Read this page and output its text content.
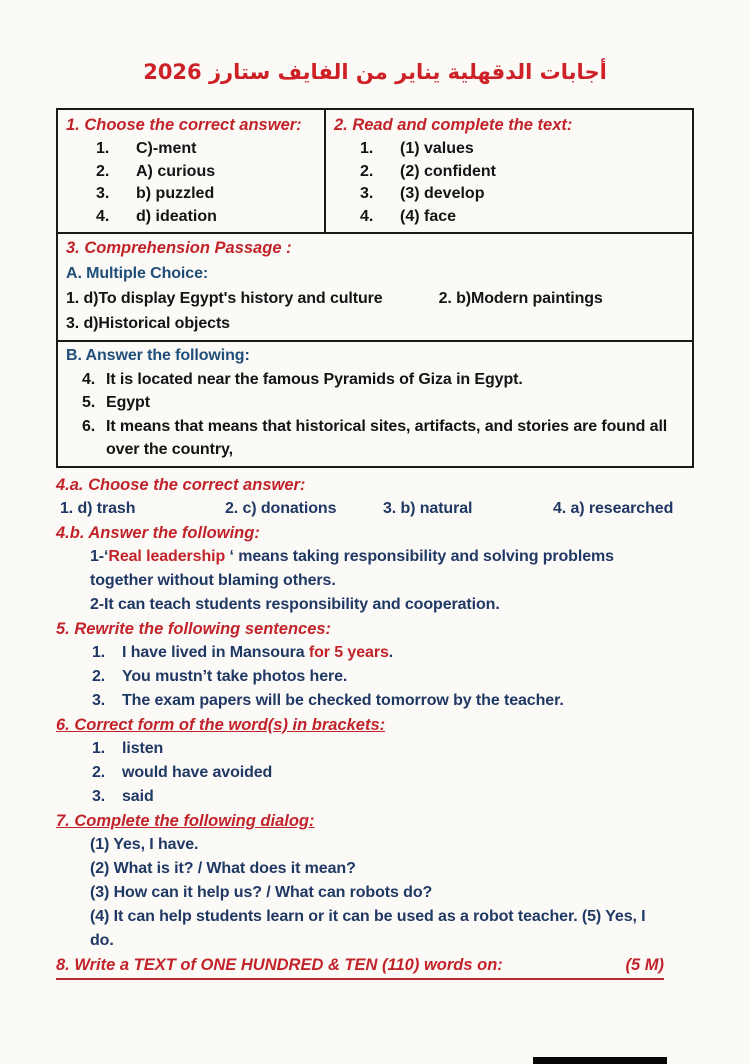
أجابات الدقهلية يناير من الفايف ستارز 2026
1. Choose the correct answer:
1.	C)-ment
2.	A) curious
3.	b) puzzled
4.	d) ideation
2. Read and complete the text:
1.	(1) values
2.	(2) confident
3.	(3) develop
4.	(4) face
3. Comprehension Passage :
A. Multiple Choice:
1. d)To display Egypt's history and culture	2. b)Modern paintings
3. d)Historical objects
B. Answer the following:
4. It is located near the famous Pyramids of Giza in Egypt.
5. Egypt
6. It means that means that historical sites, artifacts, and stories are found all over the country,
4.a. Choose the correct answer:
1. d) trash	2. c) donations	3. b) natural	4. a) researched
4.b. Answer the following:
1-‘Real leadership ‘ means taking responsibility and solving problems together without blaming others.
2-It can teach students responsibility and cooperation.
5. Rewrite the following sentences:
1.	I have lived in Mansoura for 5 years.
2.	You mustn’t take photos here.
3.	The exam papers will be checked tomorrow by the teacher.
6. Correct form of the word(s) in brackets:
1.	listen
2.	would have avoided
3.	said
7. Complete the following dialog:
(1) Yes, I have.
(2) What is it? / What does it mean?
(3) How can it help us? / What can robots do?
(4) It can help students learn or it can be used as a robot teacher. (5) Yes, I do.
8. Write a TEXT of ONE HUNDRED & TEN (110) words on:	(5 M)
